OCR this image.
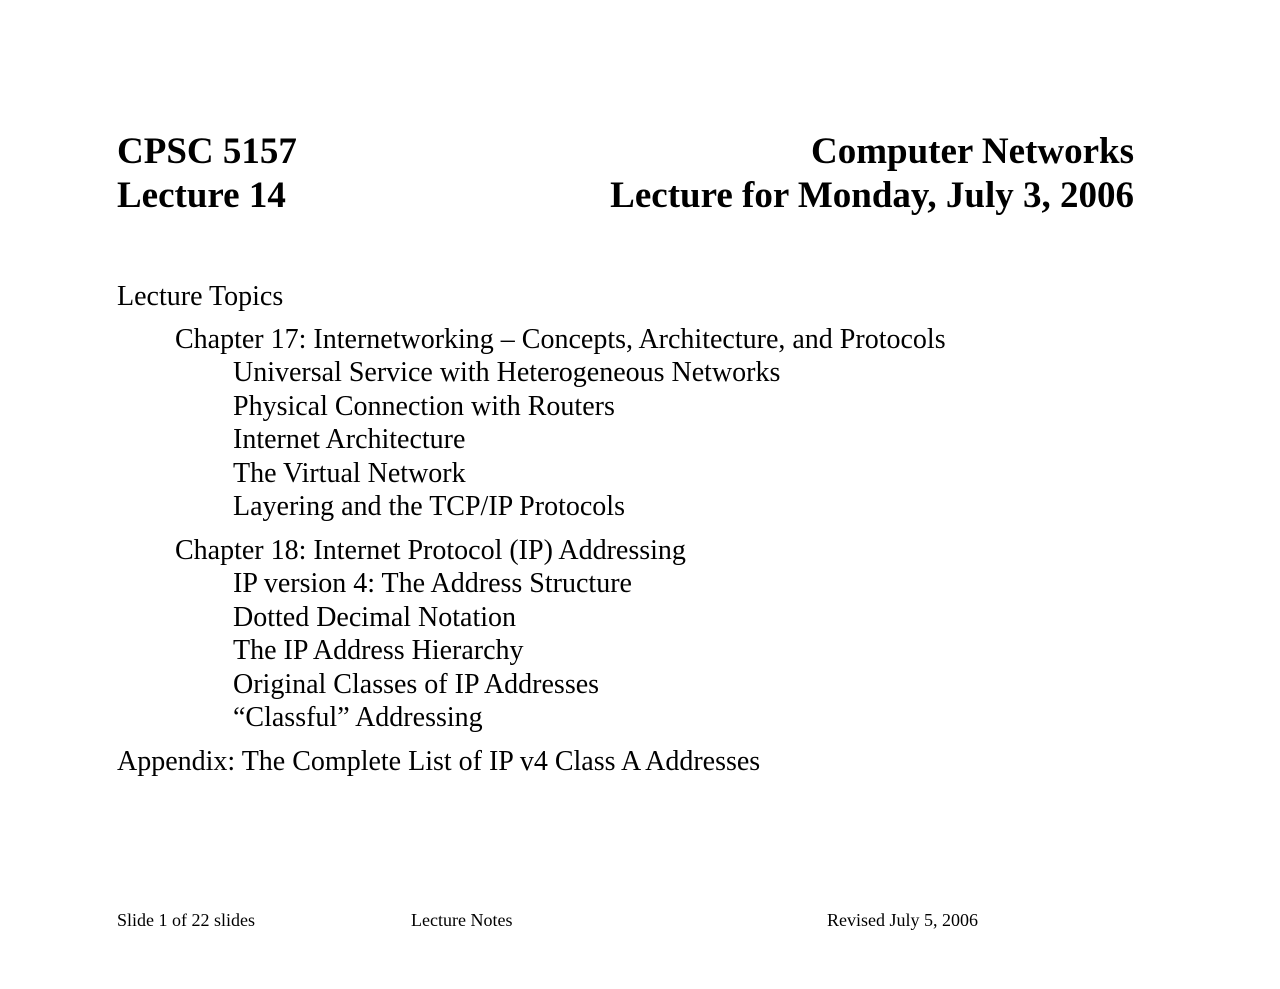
CPSC 5157	Computer Networks
Lecture 14	Lecture for Monday, July 3, 2006
Lecture Topics
Chapter 17: Internetworking – Concepts, Architecture, and Protocols
Universal Service with Heterogeneous Networks
Physical Connection with Routers
Internet Architecture
The Virtual Network
Layering and the TCP/IP Protocols
Chapter 18: Internet Protocol (IP) Addressing
IP version 4: The Address Structure
Dotted Decimal Notation
The IP Address Hierarchy
Original Classes of IP Addresses
“Classful” Addressing
Appendix: The Complete List of IP v4 Class A Addresses
Slide 1 of 22 slides	Lecture Notes	Revised July 5, 2006
